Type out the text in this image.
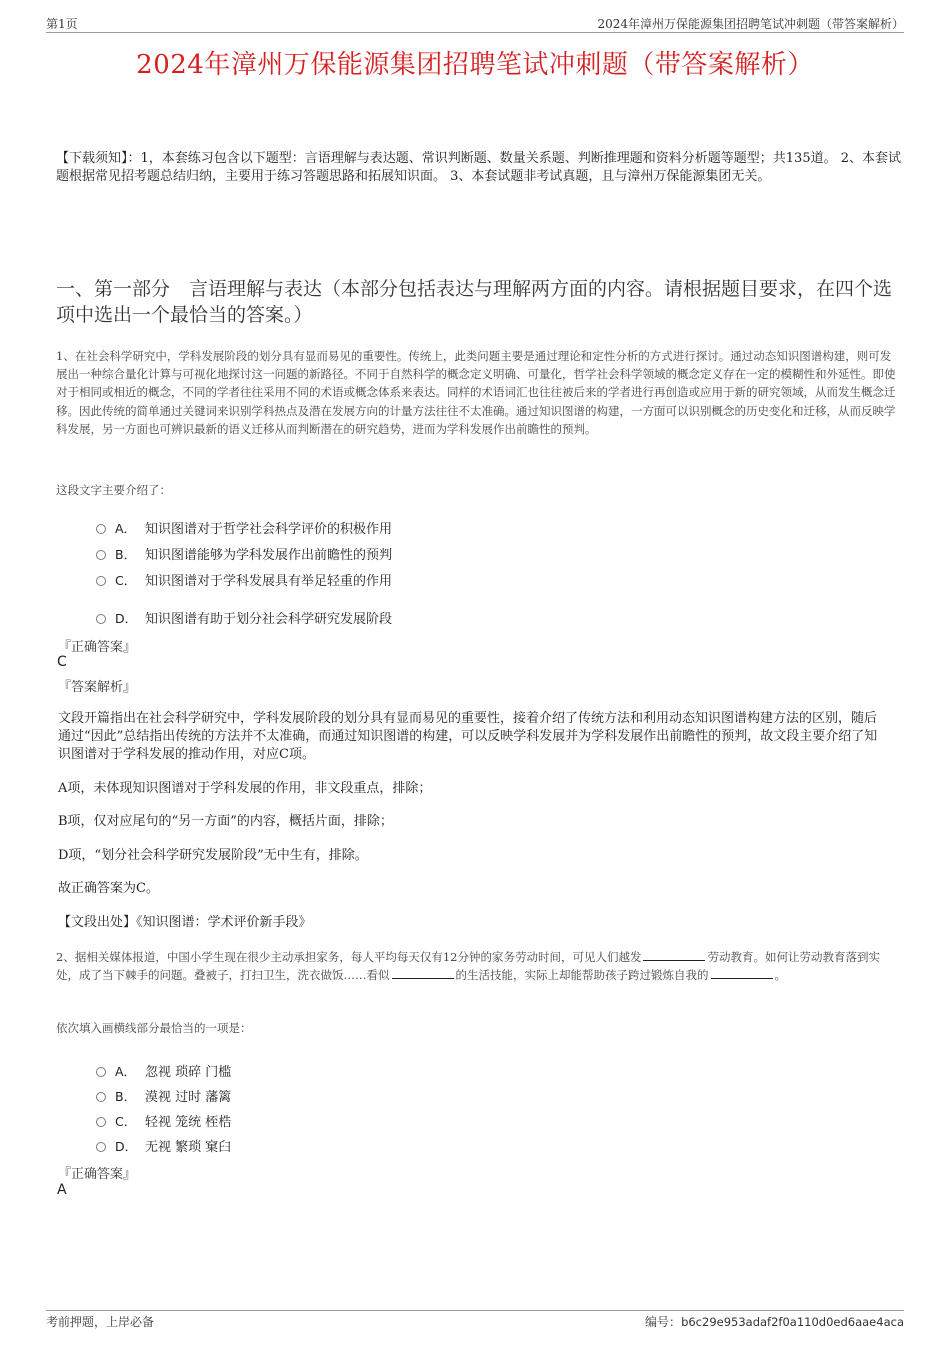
第1页	2024年漳州万保能源集团招聘笔试冲刺题（带答案解析）
2024年漳州万保能源集团招聘笔试冲刺题（带答案解析）
【下载须知】：1，本套练习包含以下题型：言语理解与表达题、常识判断题、数量关系题、判断推理题和资料分析题等题型；共135道。 2、本套试题根据常见招考题总结归纳，主要用于练习答题思路和拓展知识面。 3、本套试题非考试真题，且与漳州万保能源集团无关。
一、第一部分　言语理解与表达（本部分包括表达与理解两方面的内容。请根据题目要求，在四个选项中选出一个最恰当的答案。）
1、在社会科学研究中，学科发展阶段的划分具有显而易见的重要性。传统上，此类问题主要是通过理论和定性分析的方式进行探讨。通过动态知识图谱构建，则可发展出一种综合量化计算与可视化地探讨这一问题的新路径。不同于自然科学的概念定义明确、可量化，哲学社会科学领域的概念定义存在一定的模糊性和外延性。即使对于相同或相近的概念，不同的学者往往采用不同的术语或概念体系来表达。同样的术语词汇也往往被后来的学者进行再创造或应用于新的研究领域，从而发生概念迁移。因此传统的简单通过关键词来识别学科热点及潜在发展方向的计量方法往往不太准确。通过知识图谱的构建，一方面可以识别概念的历史变化和迁移，从而反映学科发展，另一方面也可辨识最新的语义迁移从而判断潜在的研究趋势，进而为学科发展作出前瞻性的预判。
这段文字主要介绍了：
A． 知识图谱对于哲学社会科学评价的积极作用
B． 知识图谱能够为学科发展作出前瞻性的预判
C． 知识图谱对于学科发展具有举足轻重的作用
D． 知识图谱有助于划分社会科学研究发展阶段
『正确答案』
C
『答案解析』
文段开篇指出在社会科学研究中，学科发展阶段的划分具有显而易见的重要性，接着介绍了传统方法和利用动态知识图谱构建方法的区别，随后通过“因此”总结指出传统的方法并不太准确，而通过知识图谱的构建，可以反映学科发展并为学科发展作出前瞻性的预判，故文段主要介绍了知识图谱对于学科发展的推动作用，对应C项。
A项，未体现知识图谱对于学科发展的作用，非文段重点，排除；
B项，仅对应尾句的“另一方面”的内容，概括片面，排除；
D项，“划分社会科学研究发展阶段”无中生有，排除。
故正确答案为C。
【文段出处】《知识图谱：学术评价新手段》
2、据相关媒体报道，中国小学生现在很少主动承担家务，每人平均每天仅有12分钟的家务劳动时间，可见人们越发	劳动教育。如何让劳动教育落到实处，成了当下棘手的问题。叠被子，打扫卫生，洗衣做饭……看似	的生活技能，实际上却能帮助孩子跨过锻炼自我的	。
依次填入画横线部分最恰当的一项是：
A． 忽视 琐碎 门槛
B． 漠视 过时 藩篱
C． 轻视 笼统 桎梏
D． 无视 繁琐 窠臼
『正确答案』
A
考前押题，上岸必备	编号：b6c29e953adaf2f0a110d0ed6aae4aca
